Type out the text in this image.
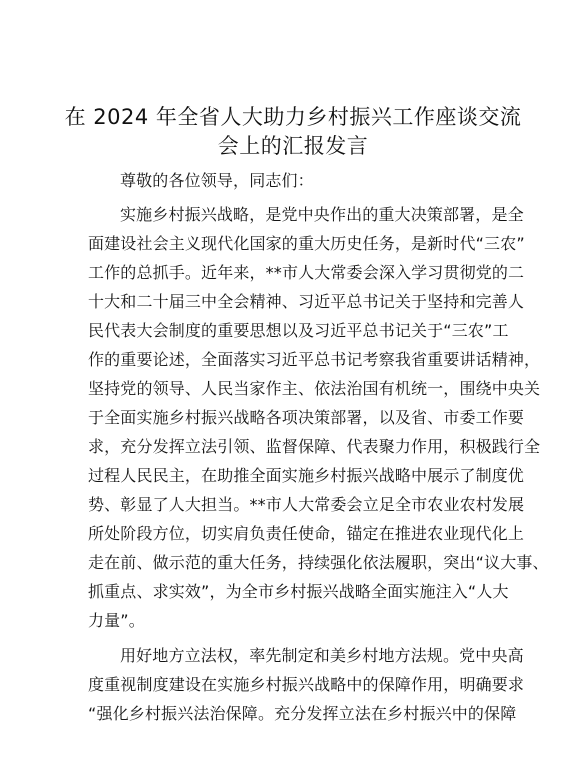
在 2024 年全省人大助力乡村振兴工作座谈交流
会上的汇报发言
尊敬的各位领导，同志们：
实施乡村振兴战略，是党中央作出的重大决策部署，是全
面建设社会主义现代化国家的重大历史任务，是新时代“三农”
工作的总抓手。近年来，**市人大常委会深入学习贯彻党的二
十大和二十届三中全会精神、习近平总书记关于坚持和完善人
民代表大会制度的重要思想以及习近平总书记关于“三农”工
作的重要论述，全面落实习近平总书记考察我省重要讲话精神，
坚持党的领导、人民当家作主、依法治国有机统一，围绕中央关
于全面实施乡村振兴战略各项决策部署，以及省、市委工作要
求，充分发挥立法引领、监督保障、代表聚力作用，积极践行全
过程人民民主，在助推全面实施乡村振兴战略中展示了制度优
势、彰显了人大担当。**市人大常委会立足全市农业农村发展
所处阶段方位，切实肩负责任使命，锚定在推进农业现代化上
走在前、做示范的重大任务，持续强化依法履职，突出“议大事、
抓重点、求实效”，为全市乡村振兴战略全面实施注入“人大
力量”。
用好地方立法权，率先制定和美乡村地方法规。党中央高
度重视制度建设在实施乡村振兴战略中的保障作用，明确要求
“强化乡村振兴法治保障。充分发挥立法在乡村振兴中的保障
